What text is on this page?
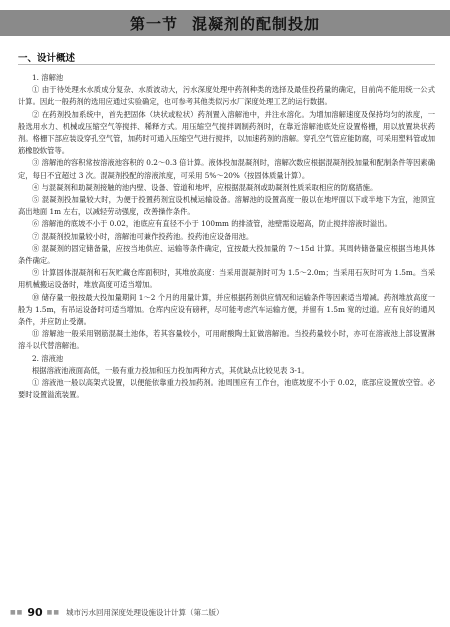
第一节 混凝剂的配制投加
一、设计概述

1. 溶解池

① 由于待处理水水质成分复杂、水质波动大，污水深度处理中药剂种类的选择及最佳投药量的确定，目前尚不能用统一公式计算。因此一般药剂的选用应通过实验确定，也可参考其他类似污水厂深度处理工艺的运行数据。

② 在药剂投加系统中，首先把固体（块状或粒状）药剂置入溶解池中，并注水溶化。为增加溶解速度及保持均匀的浓度，一般选用水力、机械或压缩空气等搅拌、稀释方式。用压缩空气搅拌调制药剂时，在靠近溶解池底处应设置格栅，用以放置块状药剂。格栅下部应装设穿孔空气管，加药时可通入压缩空气进行搅拌，以加速药剂的溶解。穿孔空气管应能防腐，可采用塑料管或加筋橡胶软管等。

③ 溶解池的容积常按溶液池容积的 0.2～0.3 倍计算。液体投加混凝剂时，溶解次数应根据混凝剂投加量和配制条件等因素确定，每日不宜超过 3 次。混凝剂投配的溶液浓度，可采用 5%～20%（按固体质量计算）。

④ 与混凝剂和助凝剂接触的池内壁、设备、管道和地坪，应根据混凝剂或助凝剂性质采取相应的防腐措施。

⑤ 混凝剂投加量较大时，为便于投置药剂宜设机械运输设备。溶解池的设置高度一般以在地坪面以下或半地下为宜，池顶宜高出地面 1m 左右，以减轻劳动强度，改善操作条件。

⑥ 溶解池的底坡不小于 0.02，池底应有直径不小于 100mm 的排渣管，池壁需设超高，防止搅拌溶液时溢出。

⑦ 混凝剂投加量较小时，溶解池可兼作投药池。投药池应设备用池。

⑧ 混凝剂的固定储备量，应按当地供应、运输等条件确定，宜按最大投加量的 7～15d 计算。其周转储备量应根据当地具体条件确定。

⑨ 计算固体混凝剂和石灰贮藏仓库面积时，其堆放高度：当采用混凝剂时可为 1.5～2.0m；当采用石灰时可为 1.5m。当采用机械搬运设备时，堆放高度可适当增加。

⑩ 储存量一般按最大投加量期间 1～2 个月的用量计算，并应根据药剂供应情况和运输条件等因素适当增减。药剂堆放高度一般为 1.5m，有吊运设备时可适当增加。仓库内应设有磅秤，尽可能考虑汽车运输方便，并留有 1.5m 宽的过道。应有良好的通风条件，并应防止受潮。

⑪ 溶解池一般采用钢筋混凝土池体，若其容量较小，可用耐酸陶土缸做溶解池。当投药量较小时，亦可在溶液池上部设置淋溶斗以代替溶解池。

2. 溶液池

根据溶液池液面高低，一般有重力投加和压力投加两种方式，其优缺点比较见表 3-1。

① 溶液池一般以高架式设置，以便能依靠重力投加药剂。池周围应有工作台，池底坡度不小于 0.02，底部应设置放空管。必要时设置溢流装置。

■■ 90 ■■ 城市污水回用深度处理设施设计计算（第二版）
